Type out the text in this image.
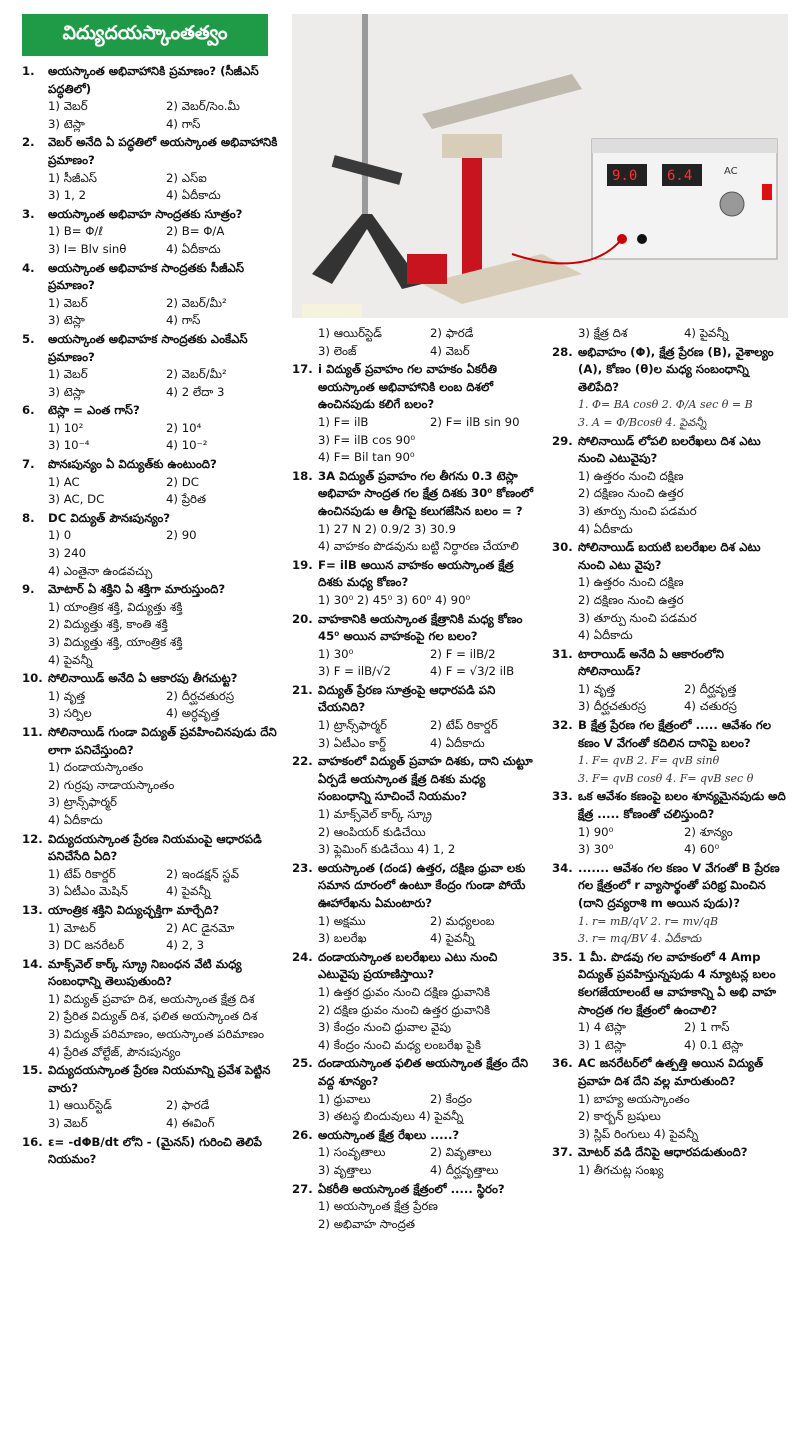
విద్యుదయస్కాంతత్వం
9.0 6.4	AC
1.	అయస్కాంత అభివాహానికి ప్రమాణం? (సీజీఎస్ పద్ధతిలో)
1) వెబర్	2) వెబర్/సెం.మీ
3) టెస్లా	4) గాస్
2.	వెబర్ అనేది ఏ పద్ధతిలో అయస్కాంత అభివాహానికి ప్రమాణం?
1) సీజీఎస్	2) ఎస్ఐ
3) 1, 2	4) ఏదీకాదు
3.	అయస్కాంత అభివాహ సాంద్రతకు సూత్రం?
1) B= Φ/ℓ	2) B= Φ/A
3) I= Blv sinθ	4) ఏదీకాదు
4.	అయస్కాంత అభివాహక సాంద్రతకు సీజీఎస్ ప్రమాణం?
1) వెబర్	2) వెబర్/మీ²
3) టెస్లా	4) గాస్
5.	అయస్కాంత అభివాహక సాంద్రతకు ఎంకేఎస్ ప్రమాణం?
1) వెబర్	2) వెబర్/మీ²
3) టెస్లా	4) 2 లేదా 3
6.	టెస్లా = ఎంత గాస్?
1) 10²	2) 10⁴
3) 10⁻⁴	4) 10⁻²
7.	పొనఃపున్యం ఏ విద్యుత్‌కు ఉంటుంది?
1) AC	2) DC
3) AC, DC	4) ప్రేరిత
8.	DC విద్యుత్ పౌనఃపున్యం?
1) 0	2) 90
3) 240
4) ఎంతైనా ఉండవచ్చు
9.	మోటార్ ఏ శక్తిని ఏ శక్తిగా మారుస్తుంది?
1) యాంత్రిక శక్తి, విద్యుత్తు శక్తి
2) విద్యుత్తు శక్తి, కాంతి శక్తి
3) విద్యుత్తు శక్తి, యాంత్రిక శక్తి
4) పైవన్నీ
10. సోలినాయిడ్ అనేది ఏ ఆకారపు తీగచుట్ట?
1) వృత్త	2) దీర్ఘచతురస్ర
3) సర్పిల	4) అర్ధవృత్త
11. సోలినాయిడ్ గుండా విద్యుత్ ప్రవహించినపుడు దేని లాగా పనిచేస్తుంది?
1) దండాయస్కాంతం
2) గుర్రపు నాడాయస్కాంతం
3) ట్రాన్స్‌ఫార్మర్
4) ఏదీకాదు
12. విద్యుదయస్కాంత ప్రేరణ నియమంపై ఆధారపడి పనిచేసేది ఏది?
1) టేప్ రికార్డర్	2) ఇండక్షన్ స్టవ్
3) ఏటీఎం మెషిన్	4) పైవన్నీ
13. యాంత్రిక శక్తిని విద్యుచ్ఛక్తిగా మార్చేది?
1) మోటర్	2) AC డైనమో
3) DC జనరేటర్	4) 2, 3
14. మాక్స్‌వెల్ కార్క్ స్క్రూ నిబంధన వేటి మధ్య సంబంధాన్ని తెలుపుతుంది?
1) విద్యుత్ ప్రవాహ దిశ, అయస్కాంత క్షేత్ర దిశ
2) ప్రేరిత విద్యుత్ దిశ, ఫలిత అయస్కాంత దిశ
3) విద్యుత్ పరిమాణం, అయస్కాంత పరిమాణం
4) ప్రేరిత వోల్టేజ్, పౌనఃపున్యం
15. విద్యుదయస్కాంత ప్రేరణ నియమాన్ని ప్రవేశ పెట్టిన వారు?
1) ఆయిర్‌స్టెడ్	2) ఫారడే
3) వెబర్	4) ఈవింగ్
16. ε= -dΦB/dt లోని - (మైనస్) గురించి తెలిపే నియమం?
1) ఆయిర్‌స్టెడ్	2) ఫారడే
3) లెంజ్	4) వెబర్
17. i విద్యుత్ ప్రవాహం గల వాహకం ఏకరీతి అయస్కాంత అభివాహానికి లంబ దిశలో ఉంచినపుడు కలిగే బలం?
1) F= ilB	2) F= ilB sin 90
3) F= ilB cos 90⁰
4) F= Bil tan 90⁰
18. 3A విద్యుత్ ప్రవాహం గల తీగను 0.3 టెస్లా అభివాహ సాంద్రత గల క్షేత్ర దిశకు 30⁰ కోణంలో ఉంచినపుడు ఆ తీగపై కలుగజేసిన బలం = ?
1) 27 N 2) 0.9/2 3) 30.9
4) వాహకం పొడవును బట్టి నిర్ధారణ చేయాలి
19. F= ilB అయిన వాహకం అయస్కాంత క్షేత్ర దిశకు మధ్య కోణం?
1) 30⁰ 2) 45⁰ 3) 60⁰ 4) 90⁰
20. వాహకానికి అయస్కాంత క్షేత్రానికి మధ్య కోణం 45⁰ అయిన వాహకంపై గల బలం?
1) 30⁰	2) F = ilB/2
3) F = ilB/√2	4) F = √3/2 ilB
21. విద్యుత్ ప్రేరణ సూత్రంపై ఆధారపడి పని చేయనిది?
1) ట్రాన్స్‌ఫార్మర్	2) టేప్ రికార్డర్
3) ఏటీఎం కార్డ్	4) ఏదీకాదు
22. వాహకంలో విద్యుత్ ప్రవాహ దిశకు, దాని చుట్టూ ఏర్పడే అయస్కాంత క్షేత్ర దిశకు మధ్య సంబంధాన్ని సూచించే నియమం?
1) మాక్స్‌వెల్ కార్క్ స్క్రూ
2) ఆంపియర్ కుడిచేయి
3) ఫ్లెమింగ్ కుడిచేయి 4) 1, 2
23. అయస్కాంత (దండ) ఉత్తర, దక్షిణ ధ్రువా లకు సమాన దూరంలో ఉంటూ కేంద్రం గుండా పోయే ఊహారేఖను ఏమంటారు?
1) అక్షము	2) మధ్యలంబ
3) బలరేఖ	4) పైవన్నీ
24. దండాయస్కాంత బలరేఖలు ఎటు నుంచి ఎటువైపు ప్రయాణిస్తాయి?
1) ఉత్తర ధ్రువం నుంచి దక్షిణ ధ్రువానికి
2) దక్షిణ ధ్రువం నుంచి ఉత్తర ధ్రువానికి
3) కేంద్రం నుంచి ధ్రువాల వైపు
4) కేంద్రం నుంచి మధ్య లంబరేఖ పైకి
25. దండాయస్కాంత ఫలిత అయస్కాంత క్షేత్రం దేని వద్ద శూన్యం?
1) ధ్రువాలు	2) కేంద్రం
3) తటస్థ బిందువులు 4) పైవన్నీ
26. అయస్కాంత క్షేత్ర రేఖలు .....?
1) సంవృతాలు	2) వివృతాలు
3) వృత్తాలు	4) దీర్ఘవృత్తాలు
27. ఏకరీతి అయస్కాంత క్షేత్రంలో ..... స్థిరం?
1) అయస్కాంత క్షేత్ర ప్రేరణ
2) అభివాహ సాంద్రత
3) క్షేత్ర దిశ	4) పైవన్నీ
28. అభివాహం (Φ), క్షేత్ర ప్రేరణ (B), వైశాల్యం (A), కోణం (θ)ల మధ్య సంబంధాన్ని తెలిపేది?
1. Φ= BA cosθ 2. Φ/A sec θ = B
3. A = Φ/Bcosθ 4. పైవన్నీ
29. సోలినాయిడ్ లోపలి బలరేఖలు దిశ ఎటు నుంచి ఎటువైపు?
1) ఉత్తరం నుంచి దక్షిణ
2) దక్షిణం నుంచి ఉత్తర
3) తూర్పు నుంచి పడమర
4) ఏదీకాదు
30. సోలినాయిడ్ బయటి బలరేఖల దిశ ఎటు నుంచి ఎటు వైపు?
1) ఉత్తరం నుంచి దక్షిణ
2) దక్షిణం నుంచి ఉత్తర
3) తూర్పు నుంచి పడమర
4) ఏదీకాదు
31. టారాయిడ్ అనేది ఏ ఆకారంలోని సోలినాయిడ్?
1) వృత్త	2) దీర్ఘవృత్త
3) దీర్ఘచతురస్ర	4) చతురస్ర
32. B క్షేత్ర ప్రేరణ గల క్షేత్రంలో ..... ఆవేశం గల కణం V వేగంతో కదిలిన దానిపై బలం?
1. F= qvB 2. F= qvB sinθ
3. F= qvB cosθ 4. F= qvB sec θ
33. ఒక ఆవేశం కణంపై బలం శూన్యమైనపుడు అది క్షేత్ర ..... కోణంతో చలిస్తుంది?
1) 90⁰	2) శూన్యం
3) 30⁰	4) 60⁰
34. ....... ఆవేశం గల కణం V వేగంతో B ప్రేరణ గల క్షేత్రంలో r వ్యాసార్థంతో పరిభ్ర మించిన (దాని ద్రవ్యరాశి m అయిన పుడు)?
1. r= mB/qV 2. r= mv/qB
3. r= mq/BV 4. ఏదీకాదు
35. 1 మీ. పొడవు గల వాహకంలో 4 Amp విద్యుత్ ప్రవహిస్తున్నపుడు 4 న్యూటన్ల బలం కలగజేయాలంటే ఆ వాహకాన్ని ఏ అభి వాహ సాంద్రత గల క్షేత్రంలో ఉంచాలి?
1) 4 టెస్లా	2) 1 గాస్
3) 1 టెస్లా	4) 0.1 టెస్లా
36. AC జనరేటర్‌లో ఉత్పత్తి అయిన విద్యుత్ ప్రవాహ దిశ దేని వల్ల మారుతుంది?
1) బాహ్య అయస్కాంతం
2) కార్బన్ బ్రషులు
3) స్లిప్ రింగులు 4) పైవన్నీ
37. మోటర్ వడి దేనిపై ఆధారపడుతుంది?
1) తీగచుట్ల సంఖ్య
